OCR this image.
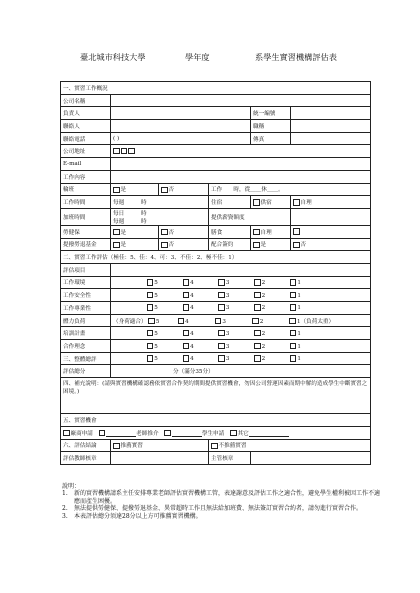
臺北城市科技大學	學年度	系學生實習機構評估表
一、實習工作概況					
公司名稱					
負責人				統一編號	
聯絡人				職稱	
聯絡電話	( )			傳真	
公司地址					
E-mail					
工作內容					
輪班	是	否	工作　　時，從＿＿休＿＿。		
工作時間	每週　　　時		住宿	供宿	自理
加班時間	每日　　　時
每週　　　時		提供薪資額度		
勞健保	是	否	膳食	自理	
提撥勞退基金	是	否	配合簽約	是	否
二、實習工作評估（極佳：5、佳：4、可：3、不佳：2、極不佳：1）					
評估項目					
工作環境	5 4 3 2 1				
工作安全性	5 4 3 2 1				
工作專業性	5 4 3 2 1				
體力負荷	（身荷適合） 5 4 3 2 1（負荷太重）				
培訓計畫	5 4 3 2 1				
合作理念	5 4 3 2 1				
三、整體總評	5 4 3 2 1				
評估總分	分（滿分35分）				
四、補充說明：(請與實習機構確認務依實習合作契約期間提供實習機會，勿因公司營運因素而期中解約造成學生中斷實習之困境。)					
五、實習機會					
廠商申請 老師推介 學生申請 其它					
六、評估結論	推薦實習		不推薦實習		
評估教師核章			主管核章		
說明：
1. 新的實習機構請系主任安排專業老師評估實習機構工管，表達謝意及評估工作之適合性，避免學生權利被因工作不適應而產生困擾。
2. 無法提供勞健保、提撥勞退基金、異常超時工作且無法給加班費、無法簽訂實習合約者，請勿進行實習合作。
3. 本表評估總分須達28分以上方可推薦實習機構。
